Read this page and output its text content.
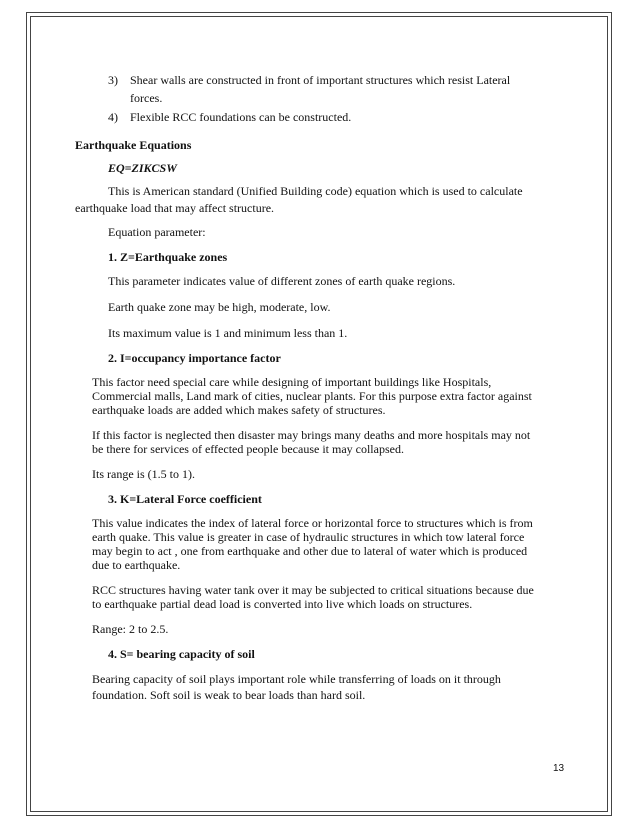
3) Shear walls are constructed in front of important structures which resist Lateral
forces.
4) Flexible RCC foundations can be constructed.
Earthquake Equations
EQ=ZIKCSW
This is American standard (Unified Building code) equation which is used to calculate
earthquake load that may affect structure.
Equation parameter:
1. Z=Earthquake zones
This parameter indicates value of different zones of earth quake regions.
Earth quake zone may be high, moderate, low.
Its maximum value is 1 and minimum less than 1.
2. I=occupancy importance factor
This factor need special care while designing of important buildings like Hospitals,
Commercial malls, Land mark of cities, nuclear plants. For this purpose extra factor against
earthquake loads are added which makes safety of structures.
If this factor is neglected then disaster may brings many deaths and more hospitals may not
be there for services of effected people because it may collapsed.
Its range is (1.5 to 1).
3. K=Lateral Force coefficient
This value indicates the index of lateral force or horizontal force to structures which is from
earth quake. This value is greater in case of hydraulic structures in which tow lateral force
may begin to act , one from earthquake and other due to lateral of water which is produced
due to earthquake.
RCC structures having water tank over it may be subjected to critical situations because due
to earthquake partial dead load is converted into live which loads on structures.
Range: 2 to 2.5.
4. S= bearing capacity of soil
Bearing capacity of soil plays important role while transferring of loads on it through
foundation. Soft soil is weak to bear loads than hard soil.
13
